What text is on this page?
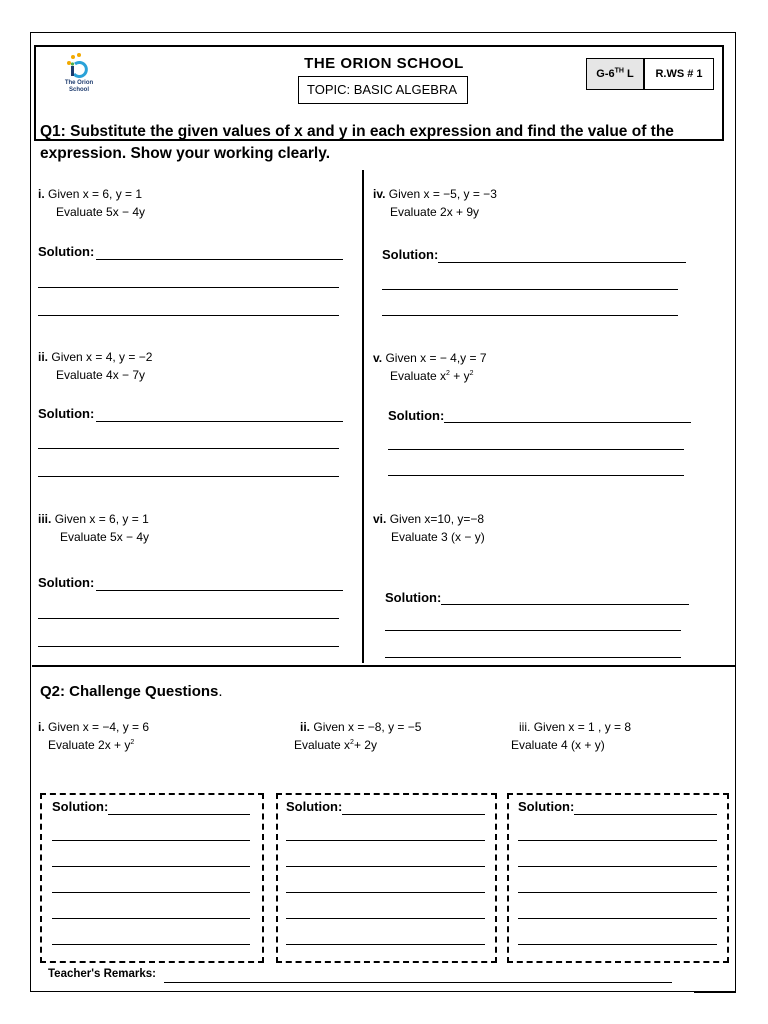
The Orion School
THE ORION SCHOOL
TOPIC: BASIC ALGEBRA
G-6TH L	R.WS # 1
Q1: Substitute the given values of x and y in each expression and find the value of the expression. Show your working clearly.
i. Given x = 6, y = 1
Evaluate 5x − 4y
Solution:
ii. Given x = 4, y = −2
Evaluate 4x − 7y
Solution:
iii. Given x = 6, y = 1
Evaluate 5x − 4y
Solution:
iv. Given x = −5, y = −3
Evaluate 2x + 9y
Solution:
v. Given x = − 4,y = 7
Evaluate $x^2 + y^2$
Solution:
vi. Given x=10, y=−8
Evaluate 3 (x − y)
Solution:
Q2: Challenge Questions.
i. Given x = −4, y = 6
Evaluate $2x + y^2$
ii. Given x = −8, y = −5
Evaluate $x^2+ 2y$
iii. Given x = 1 , y = 8
Evaluate 4 (x + y)
Solution:	Solution:	Solution:
Teacher's Remarks:
